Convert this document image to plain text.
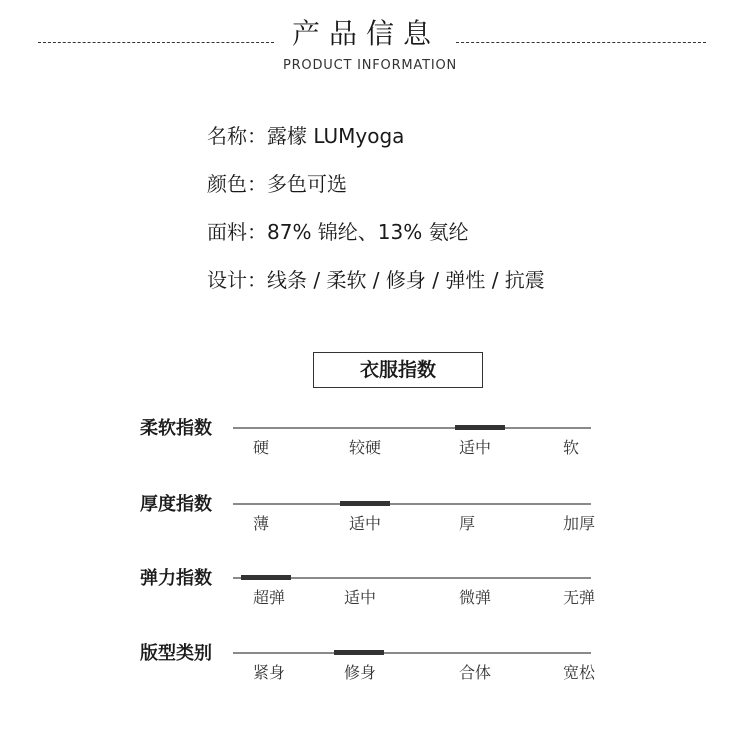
产品信息
PRODUCT INFORMATION
名称：露檬 LUMyoga
颜色：多色可选
面料：87% 锦纶、13% 氨纶
设计：线条 / 柔软 / 修身 / 弹性 / 抗震
衣服指数
柔软指数
硬	较硬	适中	软
厚度指数
薄	适中	厚	加厚
弹力指数
超弹	适中	微弹	无弹
版型类别
紧身	修身	合体	宽松
